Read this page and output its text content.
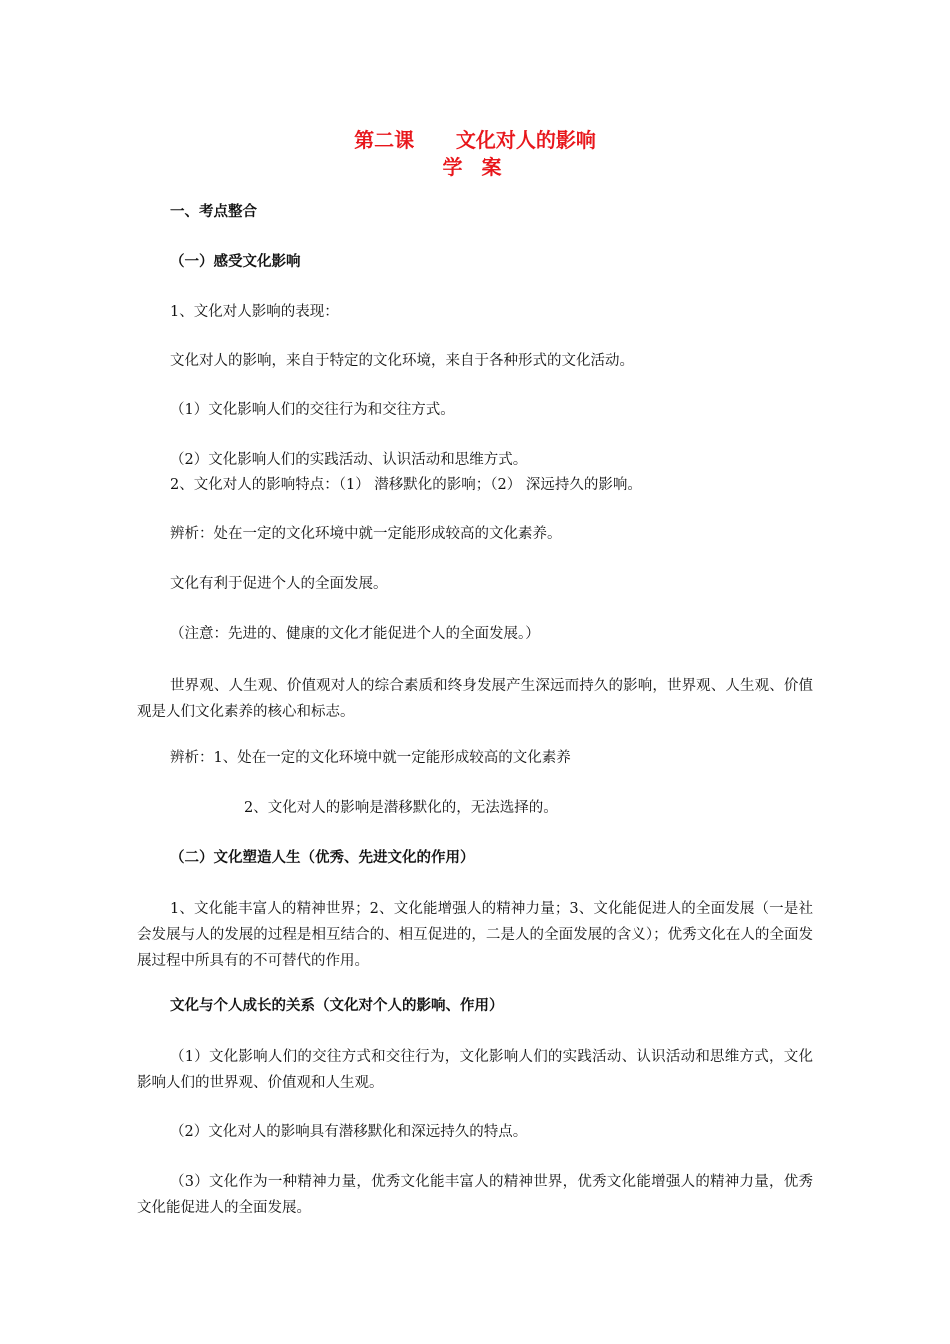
第二课      文化对人的影响
学 案
一、考点整合
（一）感受文化影响
1、文化对人影响的表现：
文化对人的影响，来自于特定的文化环境，来自于各种形式的文化活动。
（1）文化影响人们的交往行为和交往方式。
（2）文化影响人们的实践活动、认识活动和思维方式。
2、文化对人的影响特点：（1） 潜移默化的影响；（2） 深远持久的影响。
辨析：处在一定的文化环境中就一定能形成较高的文化素养。
文化有利于促进个人的全面发展。
（注意：先进的、健康的文化才能促进个人的全面发展。）
世界观、人生观、价值观对人的综合素质和终身发展产生深远而持久的影响，世界观、人生观、价值观是人们文化素养的核心和标志。
辨析：1、处在一定的文化环境中就一定能形成较高的文化素养
2、文化对人的影响是潜移默化的，无法选择的。
（二）文化塑造人生（优秀、先进文化的作用）
1、文化能丰富人的精神世界；2、文化能增强人的精神力量；3、文化能促进人的全面发展（一是社会发展与人的发展的过程是相互结合的、相互促进的，二是人的全面发展的含义）；优秀文化在人的全面发展过程中所具有的不可替代的作用。
文化与个人成长的关系（文化对个人的影响、作用）
（1）文化影响人们的交往方式和交往行为，文化影响人们的实践活动、认识活动和思维方式，文化影响人们的世界观、价值观和人生观。
（2）文化对人的影响具有潜移默化和深远持久的特点。
（3）文化作为一种精神力量，优秀文化能丰富人的精神世界，优秀文化能增强人的精神力量，优秀文化能促进人的全面发展。
